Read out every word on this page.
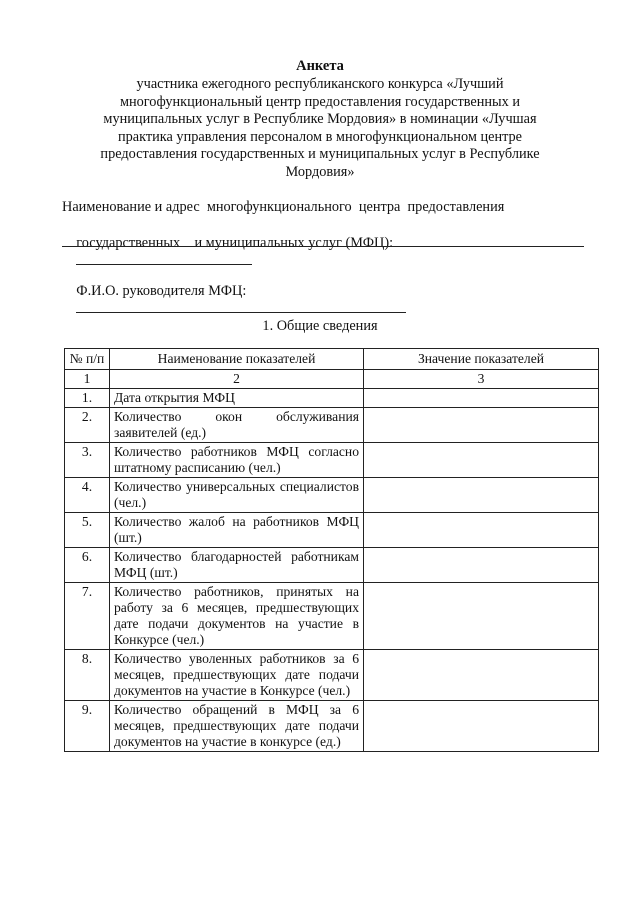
Анкета
участника ежегодного республиканского конкурса «Лучший
многофункциональный центр предоставления государственных и
муниципальных услуг в Республике Мордовия» в номинации «Лучшая
практика управления персоналом в многофункциональном центре
предоставления государственных и муниципальных услуг в Республике
Мордовия»
Наименование и адрес  многофункционального  центра  предоставления

государственных    и муниципальных услуг (МФЦ):

Ф.И.О. руководителя МФЦ:

1. Общие сведения
№ п/п	Наименование показателей	Значение показателей
1	2	3
1.	Дата открытия МФЦ	
2.	Количество окон обслуживания заявителей (ед.)	
3.	Количество работников МФЦ согласно штатному расписанию (чел.)	
4.	Количество универсальных специалистов (чел.)	
5.	Количество жалоб на работников МФЦ (шт.)	
6.	Количество благодарностей работникам МФЦ (шт.)	
7.	Количество работников, принятых на работу за 6 месяцев, предшествующих дате подачи документов на участие в Конкурсе (чел.)	
8.	Количество уволенных работников за 6 месяцев, предшествующих дате подачи документов на участие в Конкурсе (чел.)	
9.	Количество обращений в МФЦ за 6 месяцев, предшествующих дате подачи документов на участие в конкурсе (ед.)	
